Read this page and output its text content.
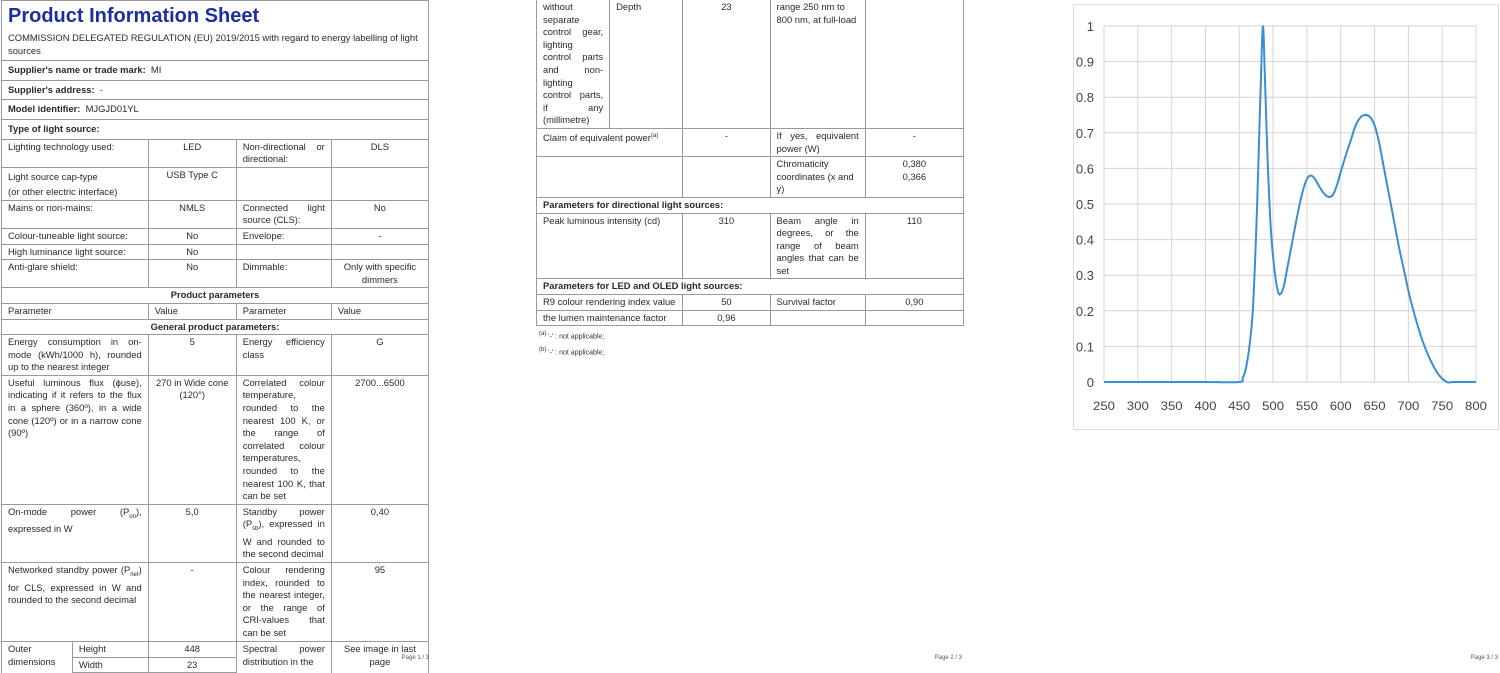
Product Information Sheet
COMMISSION DELEGATED REGULATION (EU) 2019/2015 with regard to energy labelling of light sources				

Supplier's name or trade mark: MI				
Supplier's address: -				
Model identifier: MJGJD01YL				
Type of light source:				
Lighting technology used:		LED	Non-directional or directional:	DLS

Light source cap-type
(or other electric interface)		USB Type C		
Mains or non-mains:		NMLS	Connected light source (CLS):	No
Colour-tuneable light source:		No	Envelope:	-
High luminance light source:		No		
Anti-glare shield:		No	Dimmable:	Only with specific dimmers
Product parameters				
Parameter		Value	Parameter	Value
General product parameters:				
Energy consumption in on-mode (kWh/1000 h), rounded up to the nearest integer		5	Energy efficiency class	G
Useful luminous flux (ϕuse), indicating if it refers to the flux in a sphere (360º), in a wide cone (120º) or in a narrow cone (90º)		270 in Wide cone (120°)	Correlated colour temperature, rounded to the nearest 100 K, or the range of correlated colour temperatures, rounded to the nearest 100 K, that can be set	2700...6500
On-mode power $(P_{on})$, expressed in W		5,0	Standby power $(P_{sb})$, expressed in W and rounded to the second decimal	0,40
Networked standby power $(P_{net})$ for CLS, expressed in W and rounded to the second decimal		-	Colour rendering index, rounded to the nearest integer, or the range of CRI-values that can be set	95
Outer dimensions	Height	448	Spectral power distribution in the	See image in last page
	Width	23		
Page 1 / 3
without separate control gear, lighting control parts and non-lighting control parts, if any (millimetre)	Depth	23	range 250 nm to 800 nm, at full-load	
Claim of equivalent power$^{(a)}$		-	If yes, equivalent power (W)	-
			Chromaticity coordinates (x and y)	0,380
0,366

Parameters for directional light sources:				
Peak luminous intensity (cd)		310	Beam angle in degrees, or the range of beam angles that can be set	110
Parameters for LED and OLED light sources:				
R9 colour rendering index value		50	Survival factor	0,90
the lumen maintenance factor		0,96		
$^{(a)}$ '-' : not applicable;
$^{(b)}$ '-' : not applicable;
Page 2 / 3	Page 3 / 3
0
0.1
0.2
0.3
0.4
0.5
0.6
0.7
0.8
0.9
1
250 300 350 400 450 500 550 600 650 700 750 800
